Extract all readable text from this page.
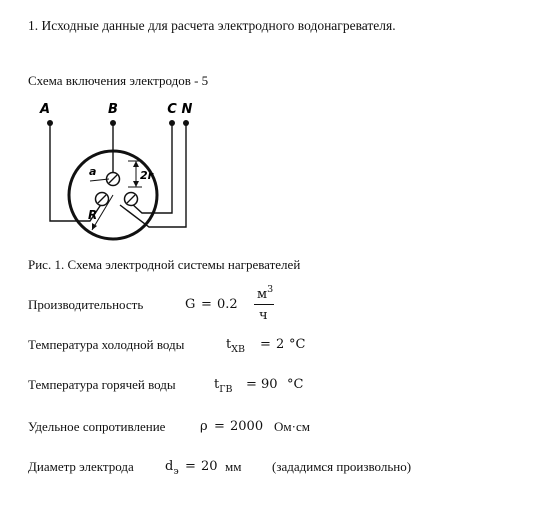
1. Исходные данные для расчета электродного водонагревателя.
Схема включения электродов - 5
A	B	C N
a	2r
R
Рис. 1. Схема электродной системы нагревателей
Производительность	G = 0.2
$м^3$
ч
Температура холодной воды	$t_{ХВ} = 2$ °C
Температура горячей воды	$t_{ГВ} = 90$ °C
Удельное сопротивление	ρ = 2000 Ом·см
Диаметр электрода $d_э = 20$ мм (зададимся произвольно)
